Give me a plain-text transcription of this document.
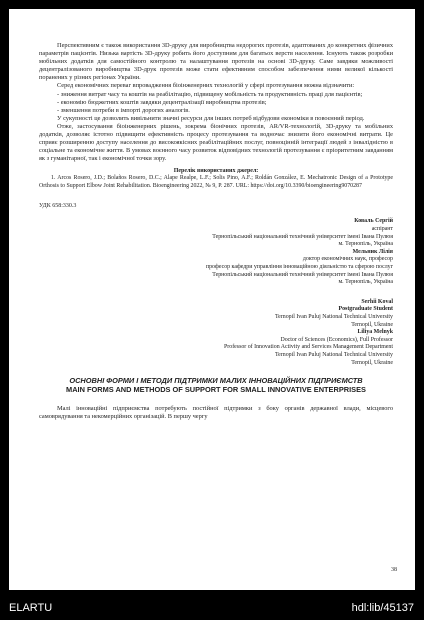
Перспективним є також використання 3D-друку для виробництва недорогих протезів, адаптованих до конкретних фізичних параметрів пацієнтів. Низька вартість 3D-друку робить його доступним для багатьох верств населення. Існують також розробки мобільних додатків для самостійного контролю та налаштування протезів на основі 3D-друку. Саме завдяки можливості децентралізованого виробництва 3D-друк протезів може стати ефективним способом забезпечення ними великої кількості поранених у різних регіонах України.

Серед економічних переваг впровадження біоінженерних технологій у сфері протезування можна відзначити:

- зниження витрат часу та коштів на реабілітацію, підвищену мобільність та продуктивність праці для пацієнтів;

- економію бюджетних коштів завдяки децентралізації виробництва протезів;

- зменшення потреби в імпорті дорогих аналогів.

У сукупності це дозволить вивільнити значні ресурси для інших потреб відбудови економіки в повоєнний період.

Отже, застосування біоінженерних рішень, зокрема біонічних протезів, AR/VR-технологій, 3D-друку та мобільних додатків, дозволяє істотно підвищити ефективність процесу протезування та водночас знизити його економічні витрати. Це сприяє розширенню доступу населення до високоякісних реабілітаційних послуг, повноцінній інтеграції людей з інвалідністю в соціальне та економічне життя. В умовах воєнного часу розвиток відповідних технологій протезування є пріоритетним завданням як з гуманітарної, так і економічної точки зору.

Перелік використаних джерел:

1. Arcos Rosero, J.D.; Bolaños Rosero, D.C.; Alape Realpe, L.F.; Solis Pino, A.F.; Roldán González, E. Mechatronic Design of a Prototype Orthosis to Support Elbow Joint Rehabilitation. Bioengineering 2022, № 9, P. 287. URL: https://doi.org/10.3390/bioengineering9070287

УДК 658:330.3

Коваль Сергій
аспірант
Тернопільський національний технічний університет імені Івана Пулюя
м. Тернопіль, Україна
Мельник Лілія
доктор економічних наук, професор
професор кафедри управління інноваційною діяльністю та сферою послуг
Тернопільський національний технічний університет імені Івана Пулюя
м. Тернопіль, Україна
Serhii Koval
Postgraduate Student
Ternopil Ivan Puluj National Technical University
Ternopil, Ukraine
Liliya Melnyk
Doctor of Sciences (Economics), Full Professor
Professor of Innovation Activity and Services Management Department
Ternopil Ivan Puluj National Technical University
Ternopil, Ukraine
ОСНОВНІ ФОРМИ І МЕТОДИ ПІДТРИМКИ МАЛИХ ІННОВАЦІЙНИХ ПІДПРИЄМСТВ
MAIN FORMS AND METHODS OF SUPPORT FOR SMALL INNOVATIVE ENTERPRISES

Малі інноваційні підприємства потребують постійної підтримки з боку органів державної влади, місцевого самоврядування та некомерційних організацій. В першу чергу

38
ELARTU	hdl:lib/45137
